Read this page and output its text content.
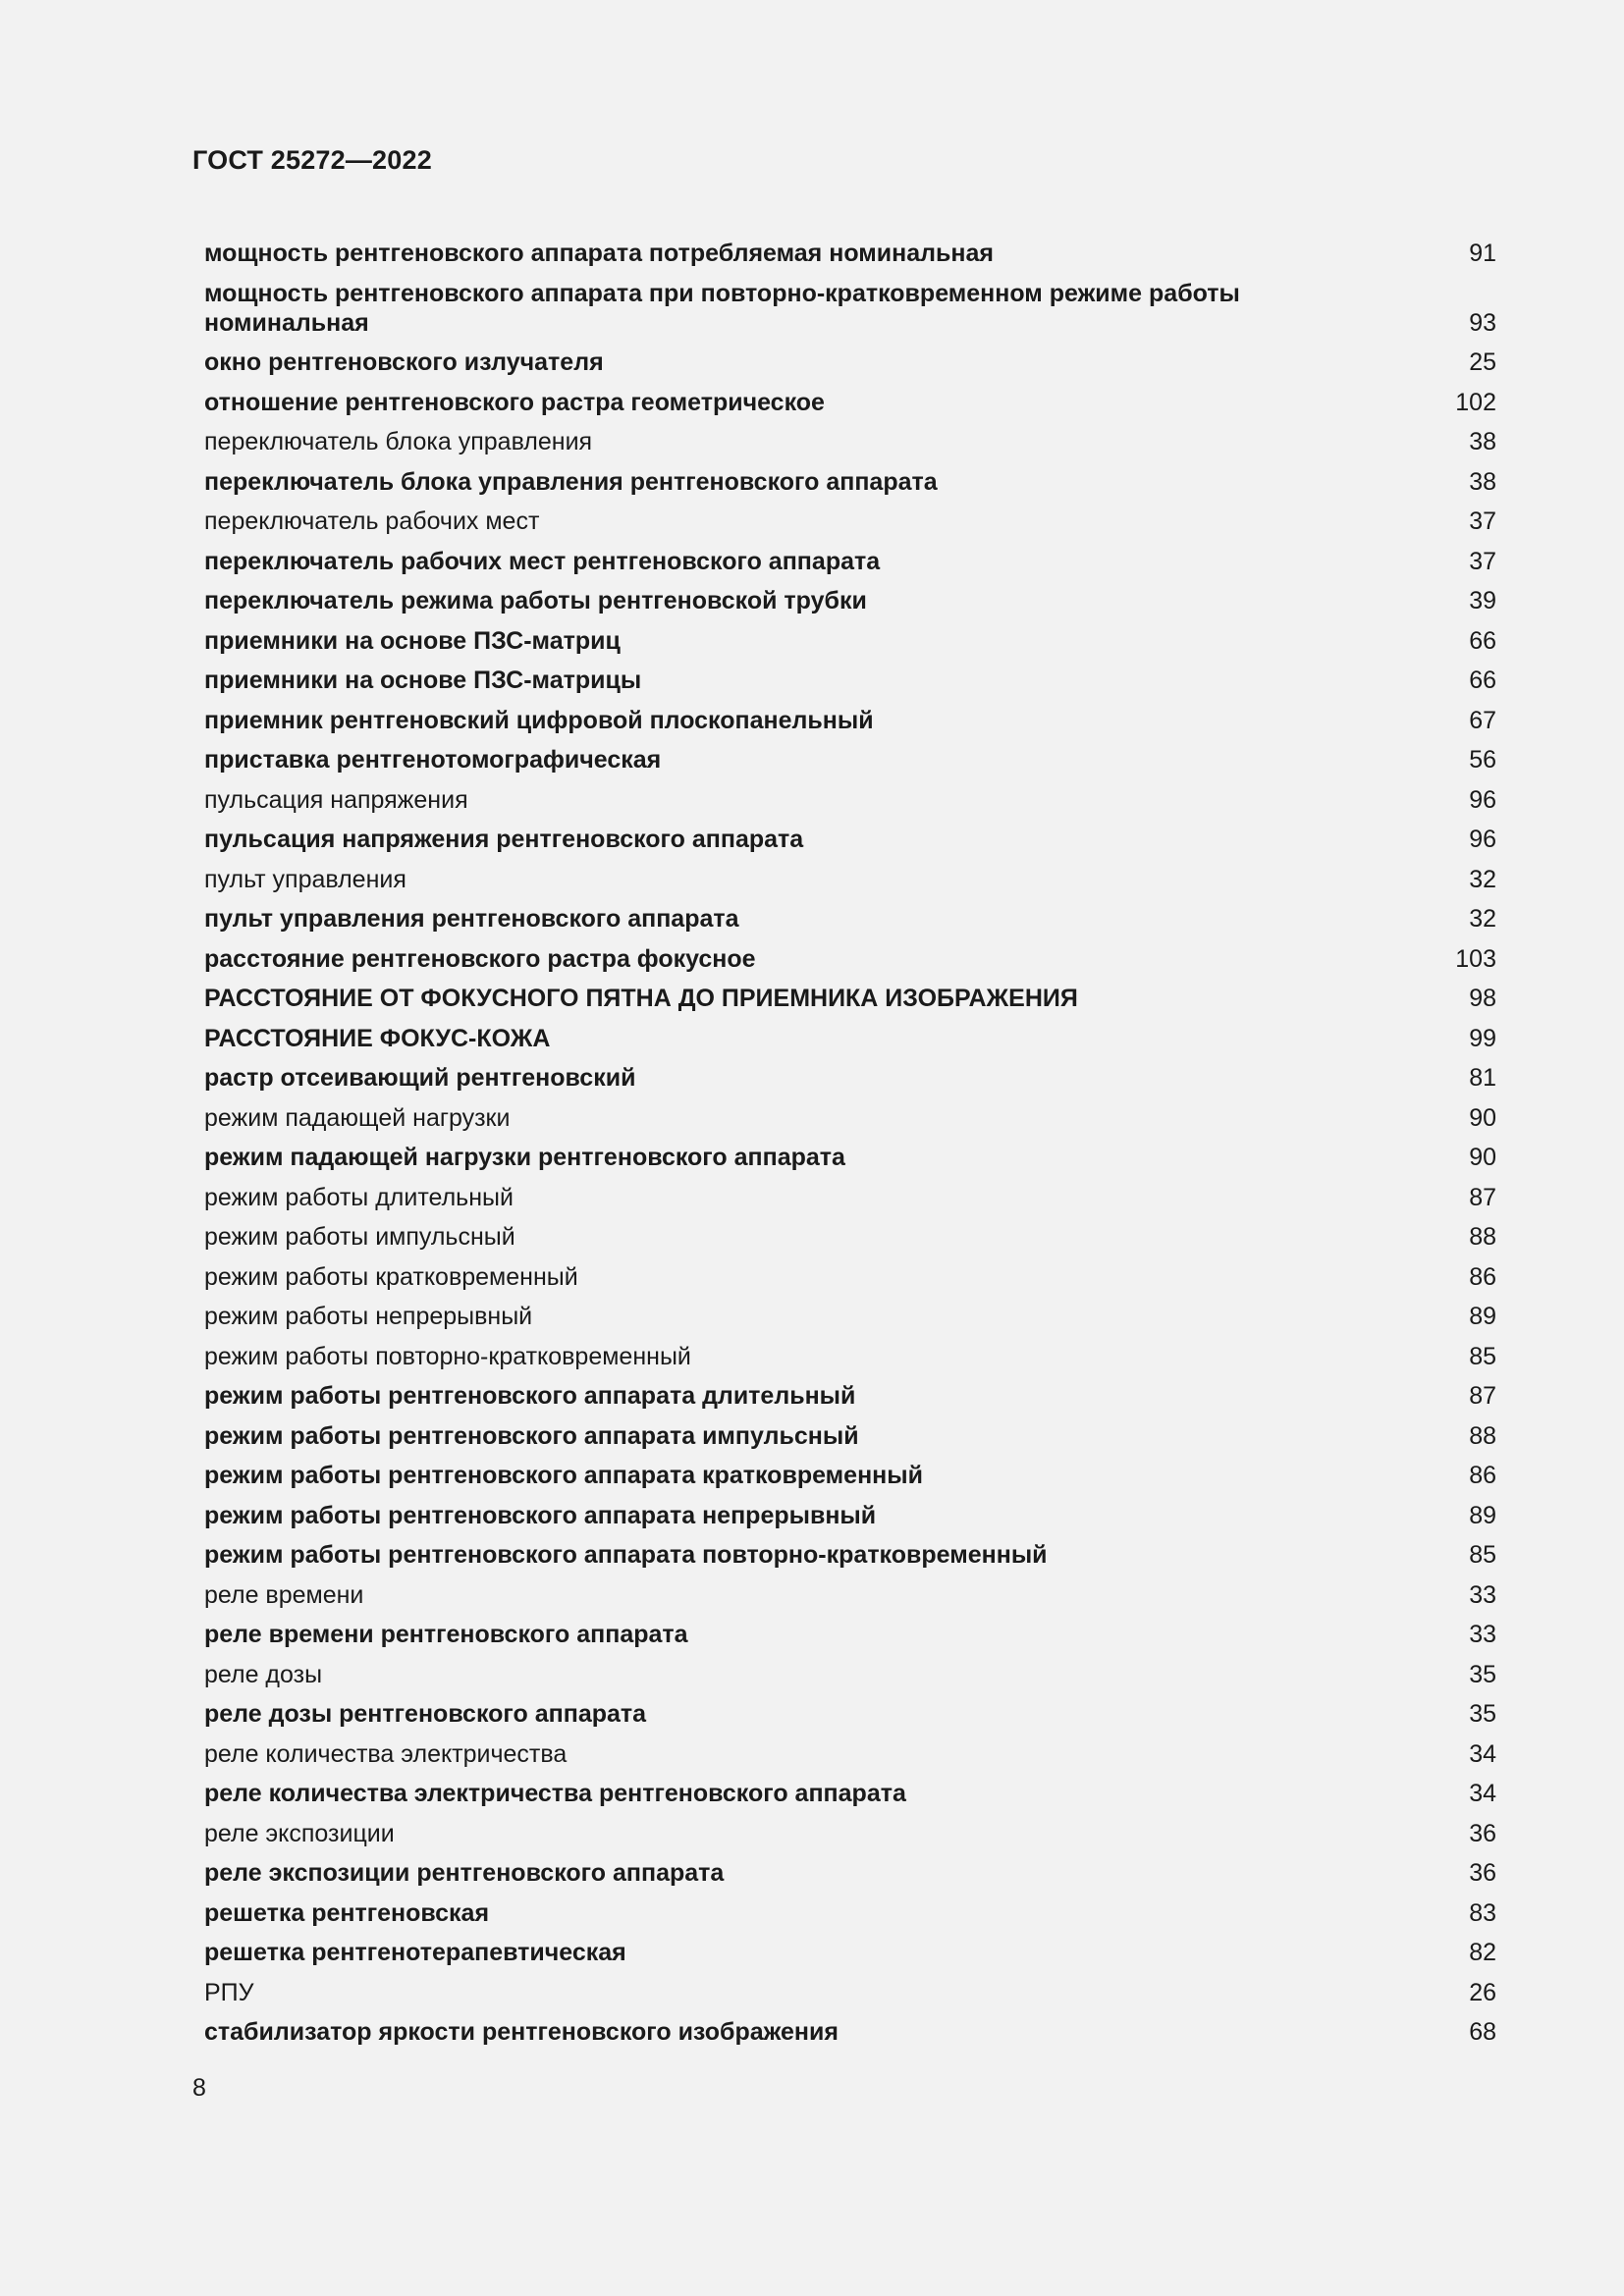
ГОСТ 25272—2022
мощность рентгеновского аппарата потребляемая номинальная	91
мощность рентгеновского аппарата при повторно-кратковременном режиме работы номинальная	93
окно рентгеновского излучателя	25
отношение рентгеновского растра геометрическое	102
переключатель блока управления	38
переключатель блока управления рентгеновского аппарата	38
переключатель рабочих мест	37
переключатель рабочих мест рентгеновского аппарата	37
переключатель режима работы рентгеновской трубки	39
приемники на основе ПЗС-матриц	66
приемники на основе ПЗС-матрицы	66
приемник рентгеновский цифровой плоскопанельный	67
приставка рентгенотомографическая	56
пульсация напряжения	96
пульсация напряжения рентгеновского аппарата	96
пульт управления	32
пульт управления рентгеновского аппарата	32
расстояние рентгеновского растра фокусное	103
РАССТОЯНИЕ ОТ ФОКУСНОГО ПЯТНА ДО ПРИЕМНИКА ИЗОБРАЖЕНИЯ	98
РАССТОЯНИЕ ФОКУС-КОЖА	99
растр отсеивающий рентгеновский	81
режим падающей нагрузки	90
режим падающей нагрузки рентгеновского аппарата	90
режим работы длительный	87
режим работы импульсный	88
режим работы кратковременный	86
режим работы непрерывный	89
режим работы повторно-кратковременный	85
режим работы рентгеновского аппарата длительный	87
режим работы рентгеновского аппарата импульсный	88
режим работы рентгеновского аппарата кратковременный	86
режим работы рентгеновского аппарата непрерывный	89
режим работы рентгеновского аппарата повторно-кратковременный	85
реле времени	33
реле времени рентгеновского аппарата	33
реле дозы	35
реле дозы рентгеновского аппарата	35
реле количества электричества	34
реле количества электричества рентгеновского аппарата	34
реле экспозиции	36
реле экспозиции рентгеновского аппарата	36
решетка рентгеновская	83
решетка рентгенотерапевтическая	82
РПУ	26
стабилизатор яркости рентгеновского изображения	68
8
